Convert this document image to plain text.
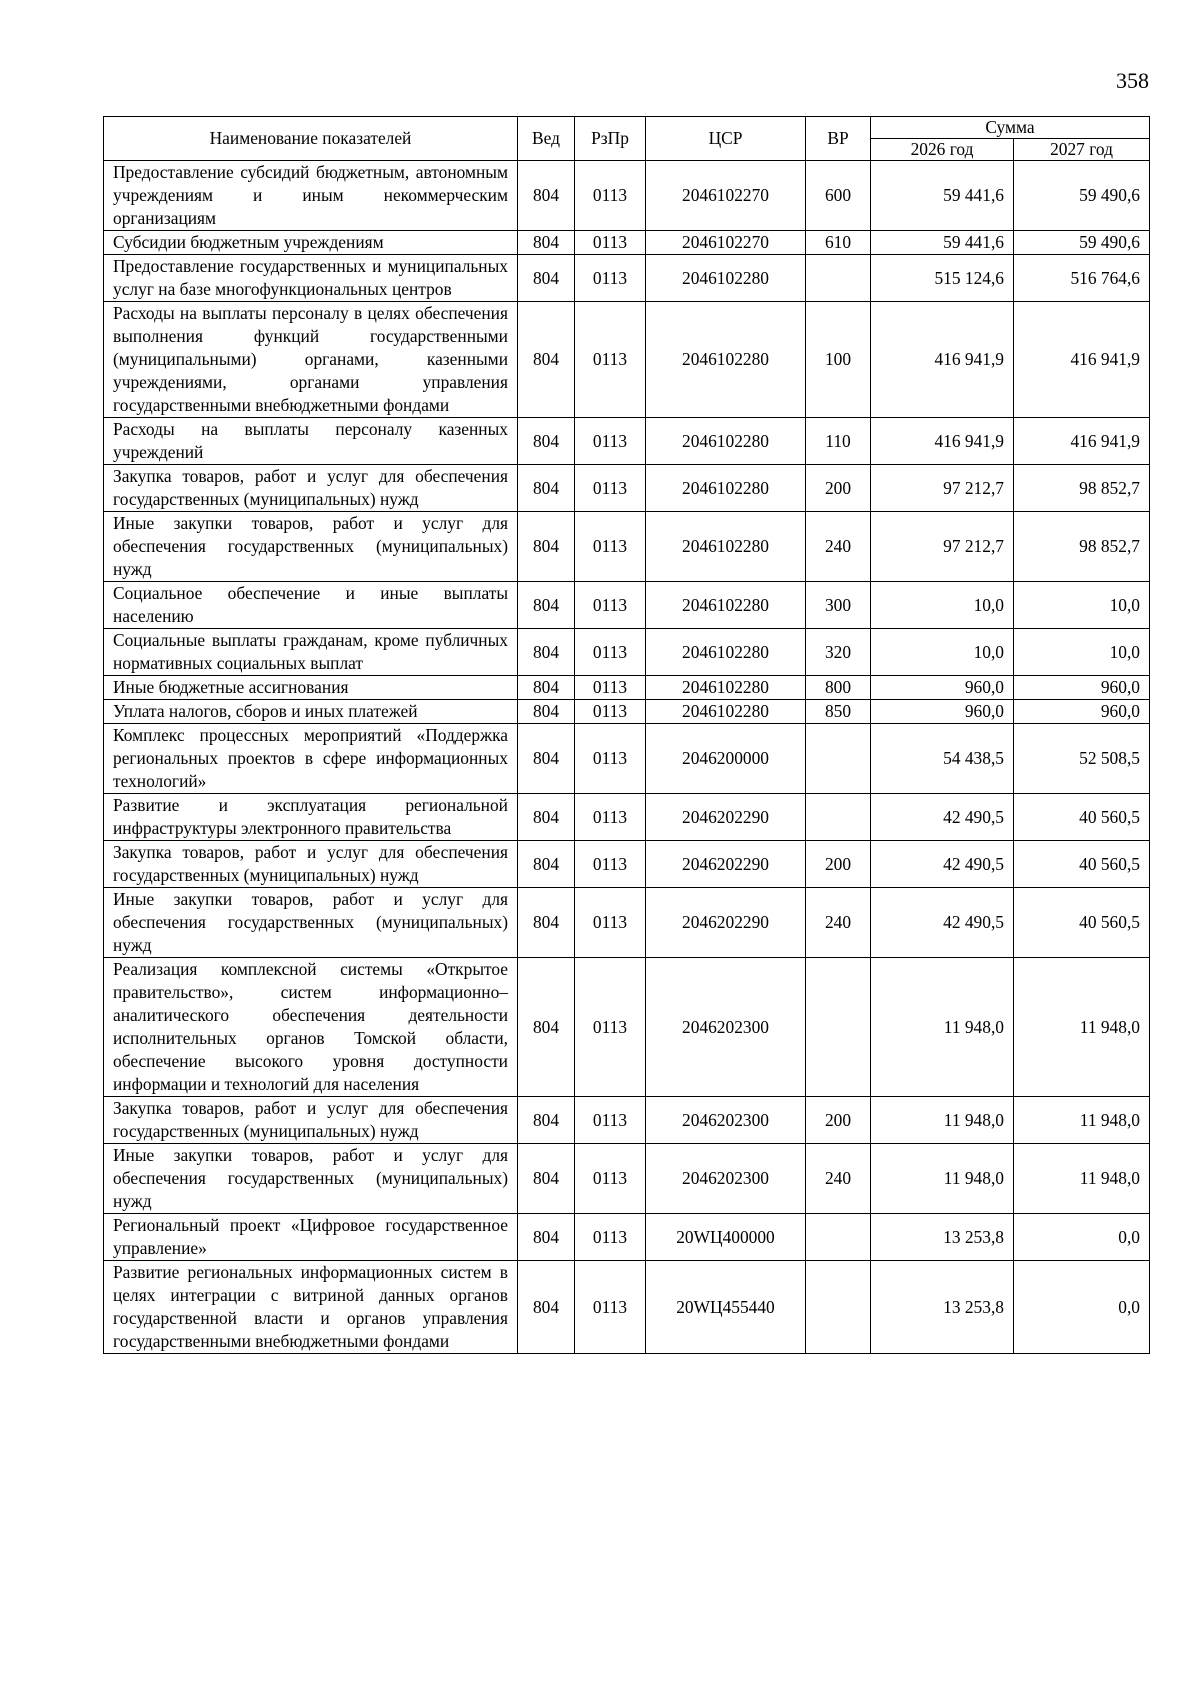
358
Наименование показателей	Вед	РзПр	ЦСР	ВР	Сумма	
					2026 год	2027 год
Предоставление субсидий бюджетным, автономным учреждениям и иным некоммерческим организациям	804	0113	2046102270	600	59 441,6	59 490,6
Субсидии бюджетным учреждениям	804	0113	2046102270	610	59 441,6	59 490,6
Предоставление государственных и муниципальных услуг на базе многофункциональных центров	804	0113	2046102280		515 124,6	516 764,6
Расходы на выплаты персоналу в целях обеспечения выполнения функций государственными (муниципальными) органами, казенными учреждениями, органами управления государственными внебюджетными фондами	804	0113	2046102280	100	416 941,9	416 941,9
Расходы на выплаты персоналу казенных учреждений	804	0113	2046102280	110	416 941,9	416 941,9
Закупка товаров, работ и услуг для обеспечения государственных (муниципальных) нужд	804	0113	2046102280	200	97 212,7	98 852,7
Иные закупки товаров, работ и услуг для обеспечения государственных (муниципальных) нужд	804	0113	2046102280	240	97 212,7	98 852,7
Социальное обеспечение и иные выплаты населению	804	0113	2046102280	300	10,0	10,0
Социальные выплаты гражданам, кроме публичных нормативных социальных выплат	804	0113	2046102280	320	10,0	10,0
Иные бюджетные ассигнования	804	0113	2046102280	800	960,0	960,0
Уплата налогов, сборов и иных платежей	804	0113	2046102280	850	960,0	960,0
Комплекс процессных мероприятий «Поддержка региональных проектов в сфере информационных технологий»	804	0113	2046200000		54 438,5	52 508,5
Развитие и эксплуатация региональной инфраструктуры электронного правительства	804	0113	2046202290		42 490,5	40 560,5
Закупка товаров, работ и услуг для обеспечения государственных (муниципальных) нужд	804	0113	2046202290	200	42 490,5	40 560,5
Иные закупки товаров, работ и услуг для обеспечения государственных (муниципальных) нужд	804	0113	2046202290	240	42 490,5	40 560,5
Реализация комплексной системы «Открытое правительство», систем информационно–аналитического обеспечения деятельности исполнительных органов Томской области, обеспечение высокого уровня доступности информации и технологий для населения	804	0113	2046202300		11 948,0	11 948,0
Закупка товаров, работ и услуг для обеспечения государственных (муниципальных) нужд	804	0113	2046202300	200	11 948,0	11 948,0
Иные закупки товаров, работ и услуг для обеспечения государственных (муниципальных) нужд	804	0113	2046202300	240	11 948,0	11 948,0
Региональный проект «Цифровое государственное управление»	804	0113	20WЦ400000		13 253,8	0,0
Развитие региональных информационных систем в целях интеграции с витриной данных органов государственной власти и органов управления государственными внебюджетными фондами	804	0113	20WЦ455440		13 253,8	0,0
